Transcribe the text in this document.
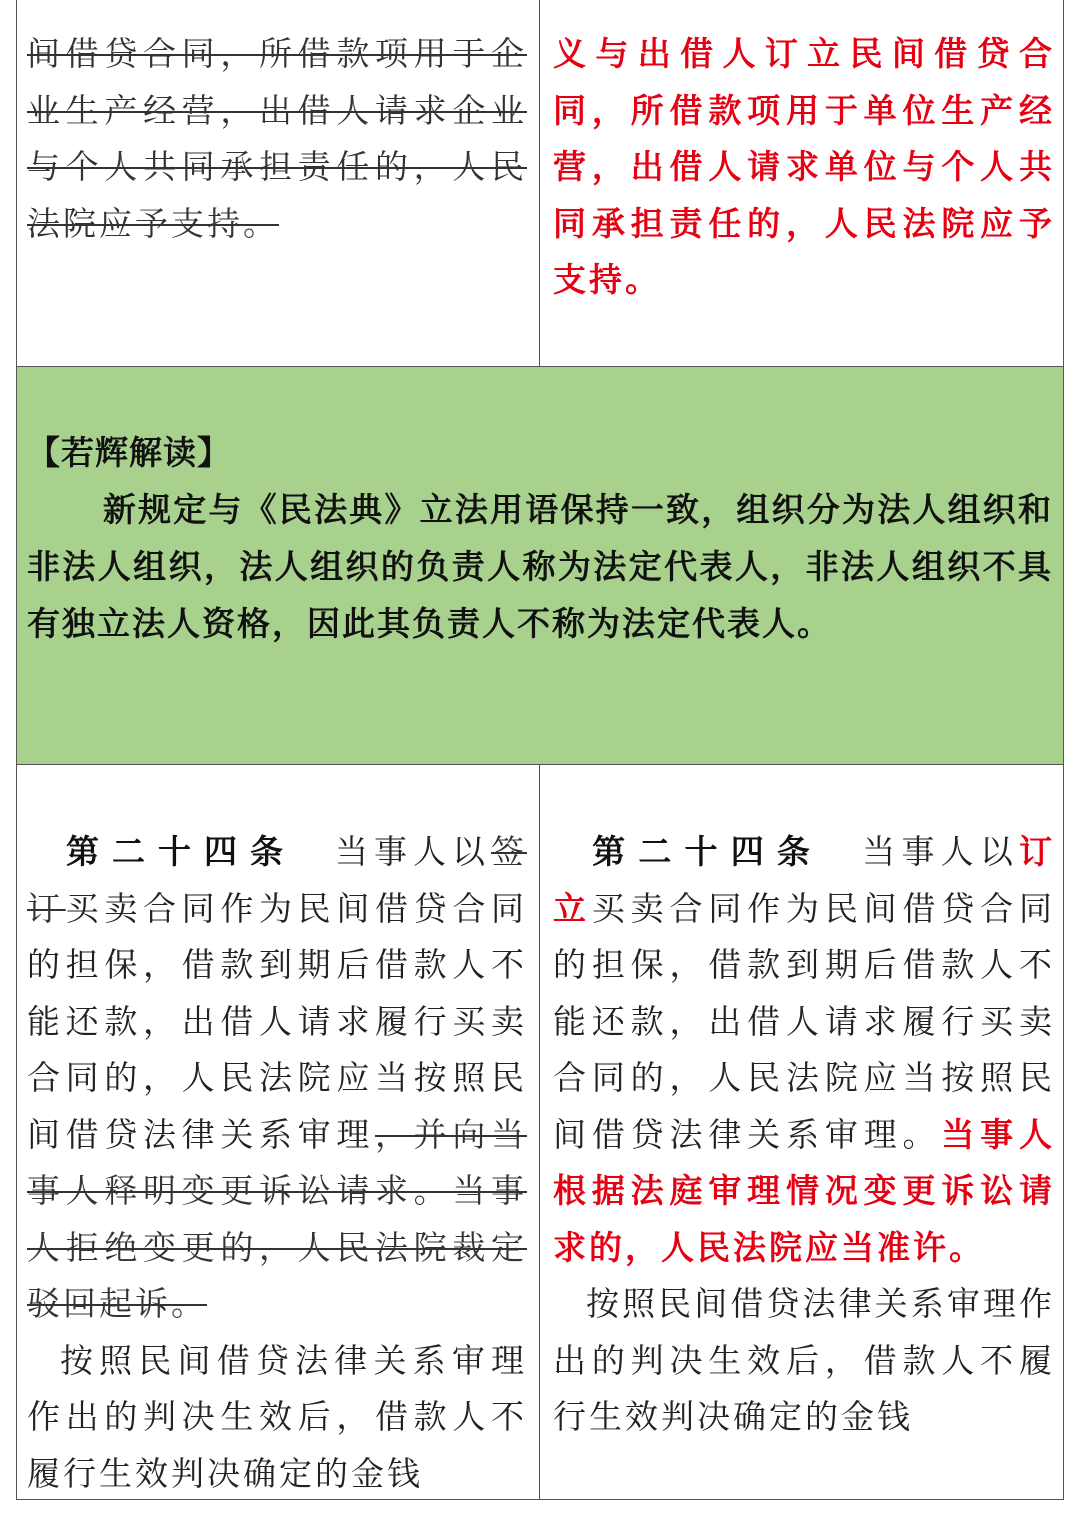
间借贷合同，所借款项用于企业生产经营，出借人请求企业与个人共同承担责任的，人民法院应予支持。
义与出借人订立民间借贷合同，所借款项用于单位生产经营，出借人请求单位与个人共同承担责任的，人民法院应予支持。
【若辉解读】
新规定与《民法典》立法用语保持一致，组织分为法人组织和非法人组织，法人组织的负责人称为法定代表人，非法人组织不具有独立法人资格，因此其负责人不称为法定代表人。
 第二十四条  当事人以签订买卖合同作为民间借贷合同的担保，借款到期后借款人不能还款，出借人请求履行买卖合同的，人民法院应当按照民间借贷法律关系审理，并向当事人释明变更诉讼请求。当事人拒绝变更的，人民法院裁定驳回起诉。
按照民间借贷法律关系审理作出的判决生效后，借款人不履行生效判决确定的金钱
 第二十四条  当事人以订立买卖合同作为民间借贷合同的担保，借款到期后借款人不能还款，出借人请求履行买卖合同的，人民法院应当按照民间借贷法律关系审理。当事人根据法庭审理情况变更诉讼请求的，人民法院应当准许。
按照民间借贷法律关系审理作出的判决生效后，借款人不履行生效判决确定的金钱
